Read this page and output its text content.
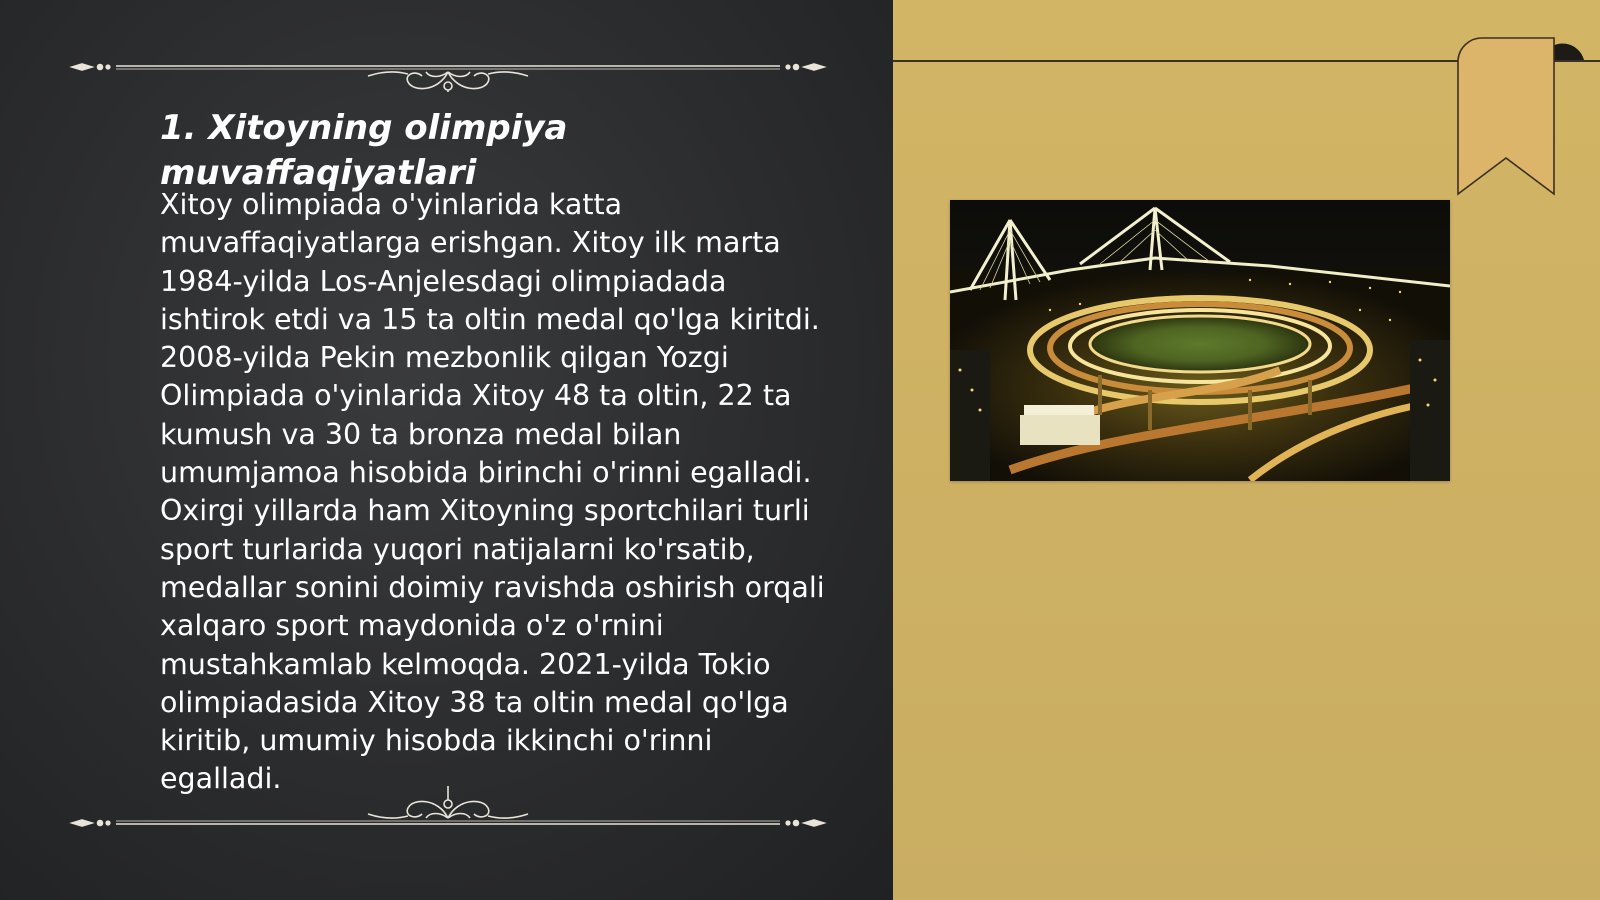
1. Xitoyning olimpiya muvaffaqiyatlari

Xitoy olimpiada o'yinlarida katta muvaffaqiyatlarga erishgan. Xitoy ilk marta 1984-yilda Los-Anjelesdagi olimpiadada ishtirok etdi va 15 ta oltin medal qo'lga kiritdi. 2008-yilda Pekin mezbonlik qilgan Yozgi Olimpiada o'yinlarida Xitoy 48 ta oltin, 22 ta kumush va 30 ta bronza medal bilan umumjamoa hisobida birinchi o'rinni egalladi. Oxirgi yillarda ham Xitoyning sportchilari turli sport turlarida yuqori natijalarni ko'rsatib, medallar sonini doimiy ravishda oshirish orqali xalqaro sport maydonida o'z o'rnini mustahkamlab kelmoqda. 2021-yilda Tokio olimpiadasida Xitoy 38 ta oltin medal qo'lga kiritib, umumiy hisobda ikkinchi o'rinni egalladi.
